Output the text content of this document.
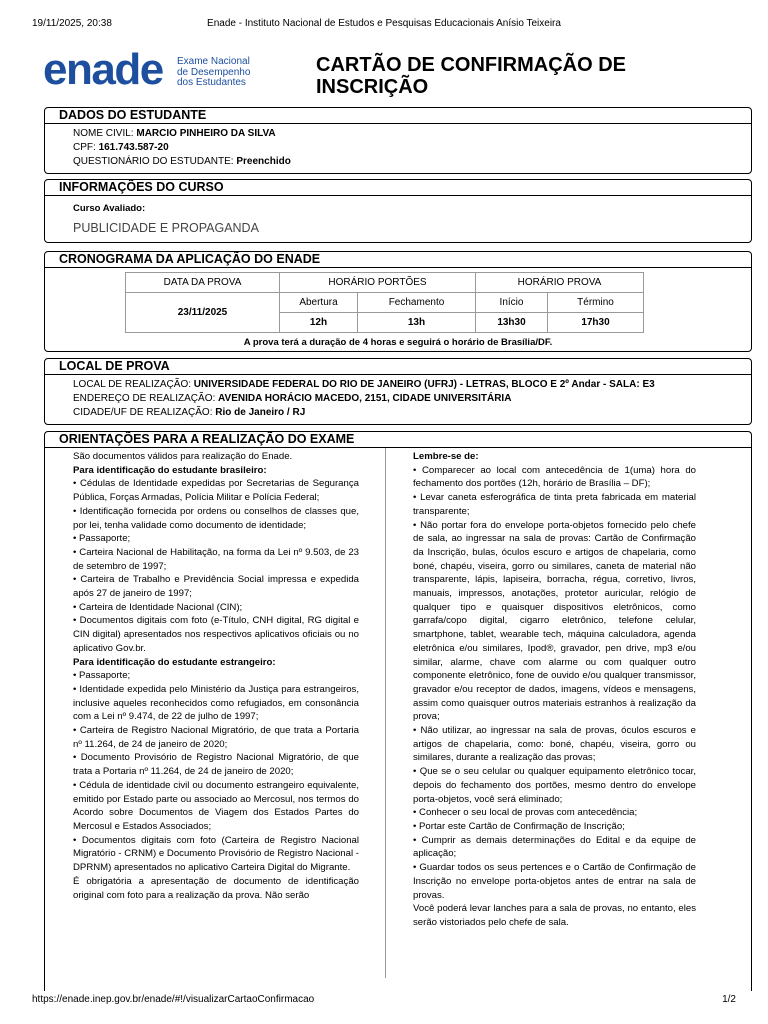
19/11/2025, 20:38	Enade - Instituto Nacional de Estudos e Pesquisas Educacionais Anísio Teixeira
enade Exame Nacional
de Desempenho
dos Estudantes
CARTÃO DE CONFIRMAÇÃO DE INSCRIÇÃO
DADOS DO ESTUDANTE
NOME CIVIL: MARCIO PINHEIRO DA SILVA
CPF: 161.743.587-20
QUESTIONÁRIO DO ESTUDANTE: Preenchido
INFORMAÇÕES DO CURSO
Curso Avaliado:
PUBLICIDADE E PROPAGANDA
CRONOGRAMA DA APLICAÇÃO DO ENADE
DATA DA PROVA	HORÁRIO PORTÕES		HORÁRIO PROVA	
23/11/2025	Abertura	Fechamento	Início	Término
	12h	13h	13h30	17h30
A prova terá a duração de 4 horas e seguirá o horário de Brasília/DF.
LOCAL DE PROVA
LOCAL DE REALIZAÇÃO: UNIVERSIDADE FEDERAL DO RIO DE JANEIRO (UFRJ) - LETRAS, BLOCO E 2º Andar - SALA: E3
ENDEREÇO DE REALIZAÇÃO: AVENIDA HORÁCIO MACEDO, 2151, CIDADE UNIVERSITÁRIA
CIDADE/UF DE REALIZAÇÃO: Rio de Janeiro / RJ
ORIENTAÇÕES PARA A REALIZAÇÃO DO EXAME

São documentos válidos para realização do Enade.

Para identificação do estudante brasileiro:

• Cédulas de Identidade expedidas por Secretarias de Segurança Pública, Forças Armadas, Polícia Militar e Polícia Federal;

• Identificação fornecida por ordens ou conselhos de classes que, por lei, tenha validade como documento de identidade;

• Passaporte;

• Carteira Nacional de Habilitação, na forma da Lei nº 9.503, de 23 de setembro de 1997;

• Carteira de Trabalho e Previdência Social impressa e expedida após 27 de janeiro de 1997;

• Carteira de Identidade Nacional (CIN);

• Documentos digitais com foto (e-Título, CNH digital, RG digital e CIN digital) apresentados nos respectivos aplicativos oficiais ou no aplicativo Gov.br.

Para identificação do estudante estrangeiro:

• Passaporte;

• Identidade expedida pelo Ministério da Justiça para estrangeiros, inclusive aqueles reconhecidos como refugiados, em consonância com a Lei nº 9.474, de 22 de julho de 1997;

• Carteira de Registro Nacional Migratório, de que trata a Portaria nº 11.264, de 24 de janeiro de 2020;

• Documento Provisório de Registro Nacional Migratório, de que trata a Portaria nº 11.264, de 24 de janeiro de 2020;

• Cédula de identidade civil ou documento estrangeiro equivalente, emitido por Estado parte ou associado ao Mercosul, nos termos do Acordo sobre Documentos de Viagem dos Estados Partes do Mercosul e Estados Associados;

• Documentos digitais com foto (Carteira de Registro Nacional Migratório - CRNM) e Documento Provisório de Registro Nacional - DPRNM) apresentados no aplicativo Carteira Digital do Migrante.

É obrigatória a apresentação de documento de identificação original com foto para a realização da prova. Não serão

Lembre-se de:

• Comparecer ao local com antecedência de 1(uma) hora do fechamento dos portões (12h, horário de Brasília – DF);

• Levar caneta esferográfica de tinta preta fabricada em material transparente;

• Não portar fora do envelope porta-objetos fornecido pelo chefe de sala, ao ingressar na sala de provas: Cartão de Confirmação da Inscrição, bulas, óculos escuro e artigos de chapelaria, como boné, chapéu, viseira, gorro ou similares, caneta de material não transparente, lápis, lapiseira, borracha, régua, corretivo, livros, manuais, impressos, anotações, protetor auricular, relógio de qualquer tipo e quaisquer dispositivos eletrônicos, como garrafa/copo digital, cigarro eletrônico, telefone celular, smartphone, tablet, wearable tech, máquina calculadora, agenda eletrônica e/ou similares, Ipod®, gravador, pen drive, mp3 e/ou similar, alarme, chave com alarme ou com qualquer outro componente eletrônico, fone de ouvido e/ou qualquer transmissor, gravador e/ou receptor de dados, imagens, vídeos e mensagens, assim como quaisquer outros materiais estranhos à realização da prova;

• Não utilizar, ao ingressar na sala de provas, óculos escuros e artigos de chapelaria, como: boné, chapéu, viseira, gorro ou similares, durante a realização das provas;

• Que se o seu celular ou qualquer equipamento eletrônico tocar, depois do fechamento dos portões, mesmo dentro do envelope porta-objetos, você será eliminado;

• Conhecer o seu local de provas com antecedência;

• Portar este Cartão de Confirmação de Inscrição;

• Cumprir as demais determinações do Edital e da equipe de aplicação;

• Guardar todos os seus pertences e o Cartão de Confirmação de Inscrição no envelope porta-objetos antes de entrar na sala de provas.

Você poderá levar lanches para a sala de provas, no entanto, eles serão vistoriados pelo chefe de sala.

https://enade.inep.gov.br/enade/#!/visualizarCartaoConfirmacao	1/2
